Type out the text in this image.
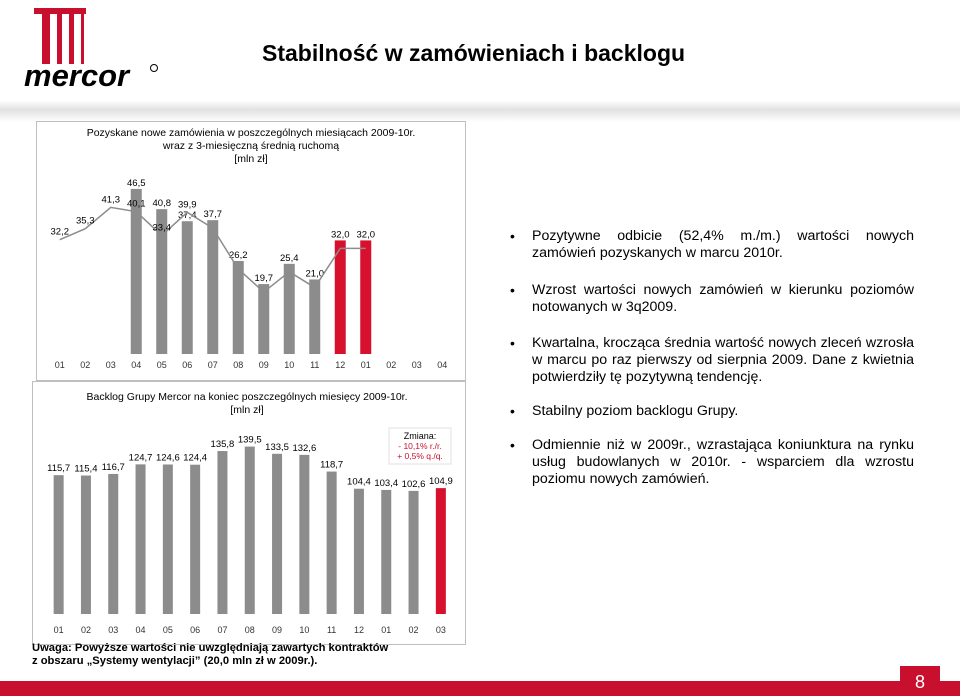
mercor
Stabilność w zamówieniach i backlogu
Pozyskane nowe zamówienia w poszczególnych miesiącach 2009-10r.
wraz z 3-miesięczną średnią ruchomą
[mln zł]
46,5
40,8
37,4 37,7
26,2
19,7
25,4
21,0
32,0 32,0
32,2
35,3
41,3 40,1
33,4
39,9
01 02 03 04 05 06 07 08 09 10 11 12 01 02 03 04
Backlog Grupy Mercor na koniec poszczególnych miesięcy 2009-10r.
[mln zł]
115,7 115,4 116,7
124,7 124,6 124,4
135,8 139,5
133,5 132,6
118,7
104,4 103,4 102,6 104,9
Zmiana:
- 10,1% r./r.
+ 0,5% q./q.
01 02 03 04 05 06 07 08 09 10 11 12 01 02 03
• Pozytywne odbicie (52,4% m./m.) wartości nowych zamówień pozyskanych w marcu 2010r.
• Wzrost wartości nowych zamówień w kierunku poziomów notowanych w 3q2009.
• Kwartalna, krocząca średnia wartość nowych zleceń wzrosła w marcu po raz pierwszy od sierpnia 2009. Dane z kwietnia potwierdziły tę pozytywną tendencję.
• Stabilny poziom backlogu Grupy.
• Odmiennie niż w 2009r., wzrastająca koniunktura na rynku usług budowlanych w 2010r. - wsparciem dla wzrostu poziomu nowych zamówień.
Uwaga: Powyższe wartości nie uwzględniają zawartych kontraktów
z obszaru „Systemy wentylacji” (20,0 mln zł w 2009r.).
8
